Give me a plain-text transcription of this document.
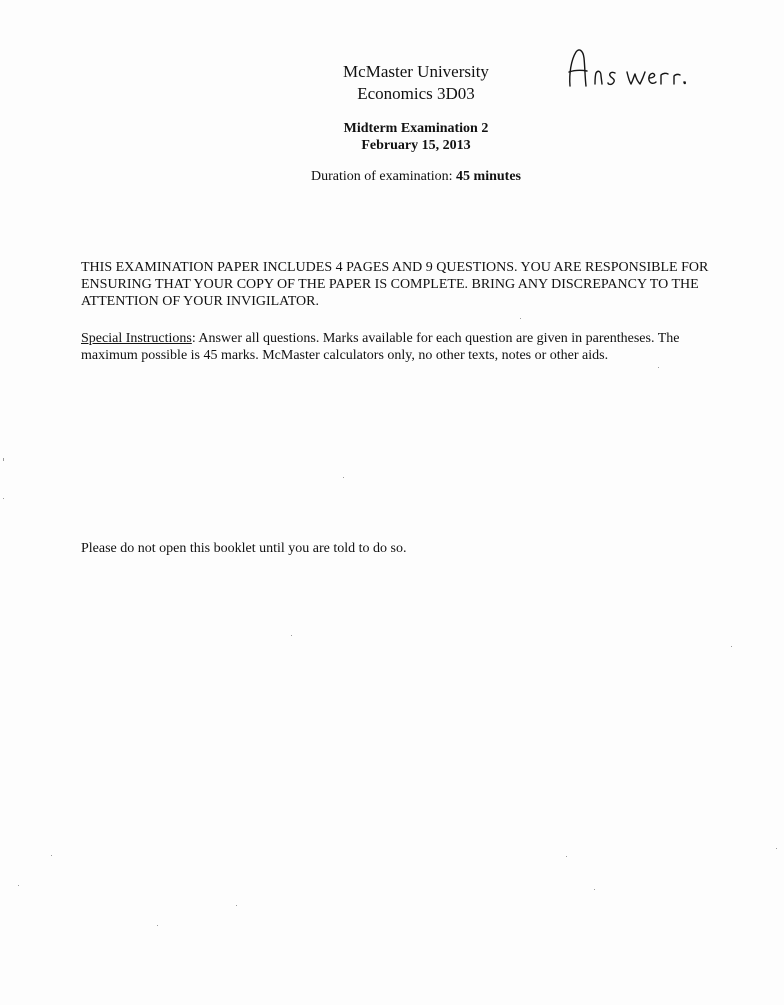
McMaster University
Economics 3D03
Midterm Examination 2
February 15, 2013
Duration of examination: 45 minutes
THIS EXAMINATION PAPER INCLUDES 4 PAGES AND 9 QUESTIONS. YOU ARE RESPONSIBLE FOR ENSURING THAT YOUR COPY OF THE PAPER IS COMPLETE. BRING ANY DISCREPANCY TO THE ATTENTION OF YOUR INVIGILATOR.
Special Instructions: Answer all questions. Marks available for each question are given in parentheses. The maximum possible is 45 marks. McMaster calculators only, no other texts, notes or other aids.
Please do not open this booklet until you are told to do so.
